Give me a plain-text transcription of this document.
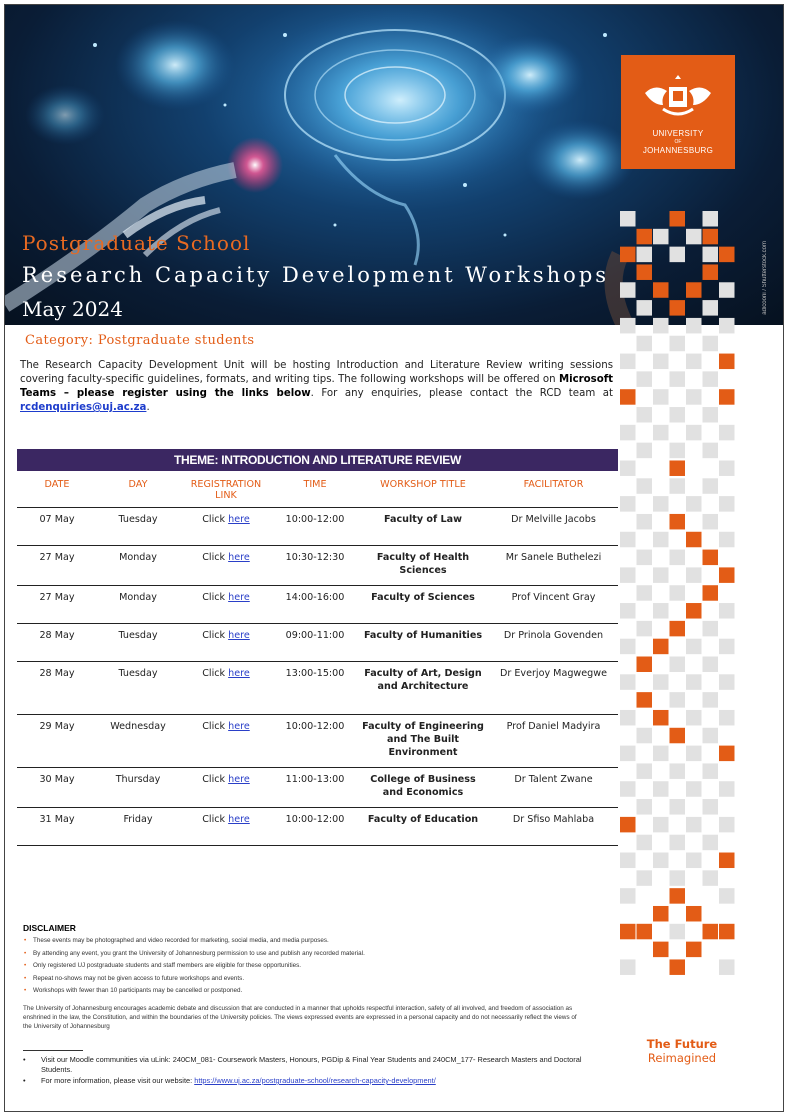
UNIVERSITY
OF
JOHANNESBURG
Postgraduate School
Research Capacity Development Workshops
May 2024	adicooni / Shutterstock.com
Category: Postgraduate students
The Research Capacity Development Unit will be hosting Introduction and Literature Review writing sessions covering faculty-specific guidelines, formats, and writing tips. The following workshops will be offered on Microsoft Teams – please register using the links below. For any enquiries, please contact the RCD team at rcdenquiries@uj.ac.za.
THEME: INTRODUCTION AND LITERATURE REVIEW
DATE	DAY	REGISTRATION LINK	TIME	WORKSHOP TITLE	FACILITATOR
07 May	Tuesday	Click here	10:00-12:00	Faculty of Law	Dr Melville Jacobs
27 May	Monday	Click here	10:30-12:30	Faculty of Health Sciences	Mr Sanele Buthelezi
27 May	Monday	Click here	14:00-16:00	Faculty of Sciences	Prof Vincent Gray
28 May	Tuesday	Click here	09:00-11:00	Faculty of Humanities	Dr Prinola Govenden
28 May	Tuesday	Click here	13:00-15:00	Faculty of Art, Design and Architecture	Dr Everjoy Magwegwe
29 May	Wednesday	Click here	10:00-12:00	Faculty of Engineering and The Built Environment	Prof Daniel Madyira
30 May	Thursday	Click here	11:00-13:00	College of Business and Economics	Dr Talent Zwane
31 May	Friday	Click here	10:00-12:00	Faculty of Education	Dr Sfiso Mahlaba
DISCLAIMER
• These events may be photographed and video recorded for marketing, social media, and media purposes.
• By attending any event, you grant the University of Johannesburg permission to use and publish any recorded material.
• Only registered UJ postgraduate students and staff members are eligible for these opportunities.
• Repeat no-shows may not be given access to future workshops and events.
• Workshops with fewer than 10 participants may be cancelled or postponed.

The University of Johannesburg encourages academic debate and discussion that are conducted in a manner that upholds respectful interaction, safety of all involved, and freedom of association as enshrined in the law, the Constitution, and within the boundaries of the University policies. The views expressed events are expressed in a personal capacity and do not necessarily reflect the views of the University of Johannesburg

• Visit our Moodle communities via uLink: 240CM_081- Coursework Masters, Honours, PGDip & Final Year Students and 240CM_177- Research Masters and Doctoral Students.
• For more information, please visit our website: https://www.uj.ac.za/postgraduate-school/research-capacity-development/
The Future
Reimagined
